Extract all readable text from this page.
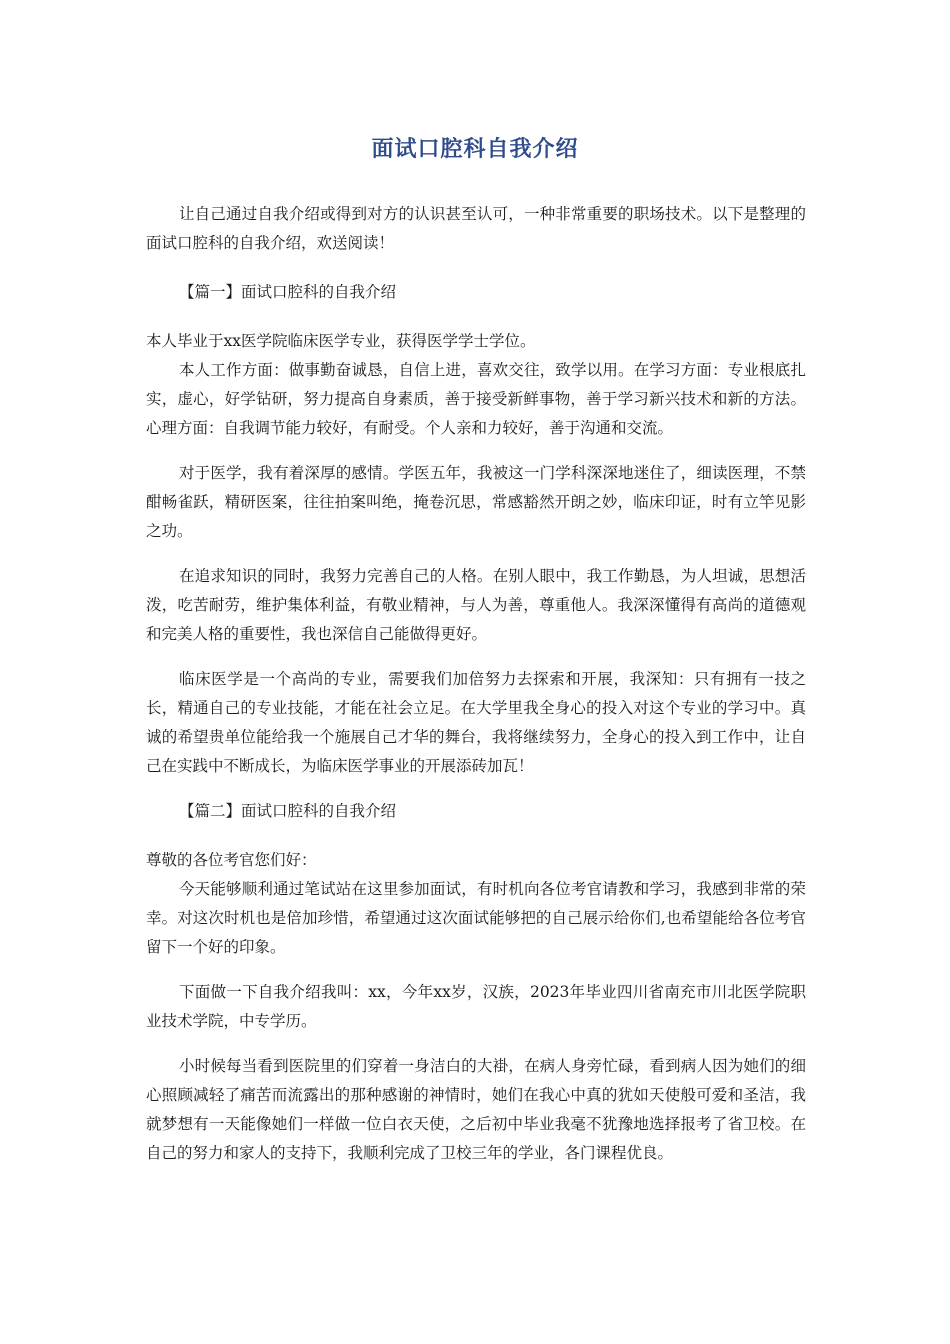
面试口腔科自我介绍

让自己通过自我介绍或得到对方的认识甚至认可，一种非常重要的职场技术。以下是整理的面试口腔科的自我介绍，欢送阅读！

【篇一】面试口腔科的自我介绍

本人毕业于xx医学院临床医学专业，获得医学学士学位。

本人工作方面：做事勤奋诚恳，自信上进，喜欢交往，致学以用。在学习方面：专业根底扎实，虚心，好学钻研，努力提高自身素质，善于接受新鲜事物，善于学习新兴技术和新的方法。心理方面：自我调节能力较好，有耐受。个人亲和力较好，善于沟通和交流。

对于医学，我有着深厚的感情。学医五年，我被这一门学科深深地迷住了，细读医理，不禁酣畅雀跃，精研医案，往往拍案叫绝，掩卷沉思，常感豁然开朗之妙，临床印证，时有立竿见影之功。

在追求知识的同时，我努力完善自己的人格。在别人眼中，我工作勤恳，为人坦诚，思想活泼，吃苦耐劳，维护集体利益，有敬业精神，与人为善，尊重他人。我深深懂得有高尚的道德观和完美人格的重要性，我也深信自己能做得更好。

临床医学是一个高尚的专业，需要我们加倍努力去探索和开展，我深知：只有拥有一技之长，精通自己的专业技能，才能在社会立足。在大学里我全身心的投入对这个专业的学习中。真诚的希望贵单位能给我一个施展自己才华的舞台，我将继续努力，全身心的投入到工作中，让自己在实践中不断成长，为临床医学事业的开展添砖加瓦！

【篇二】面试口腔科的自我介绍

尊敬的各位考官您们好：

今天能够顺利通过笔试站在这里参加面试，有时机向各位考官请教和学习，我感到非常的荣幸。对这次时机也是倍加珍惜，希望通过这次面试能够把的自己展示给你们,也希望能给各位考官留下一个好的印象。

下面做一下自我介绍我叫：xx，今年xx岁，汉族，2023年毕业四川省南充市川北医学院职业技术学院，中专学历。

小时候每当看到医院里的们穿着一身洁白的大褂，在病人身旁忙碌，看到病人因为她们的细心照顾减轻了痛苦而流露出的那种感谢的神情时，她们在我心中真的犹如天使般可爱和圣洁，我就梦想有一天能像她们一样做一位白衣天使，之后初中毕业我毫不犹豫地选择报考了省卫校。在自己的努力和家人的支持下，我顺利完成了卫校三年的学业，各门课程优良。
